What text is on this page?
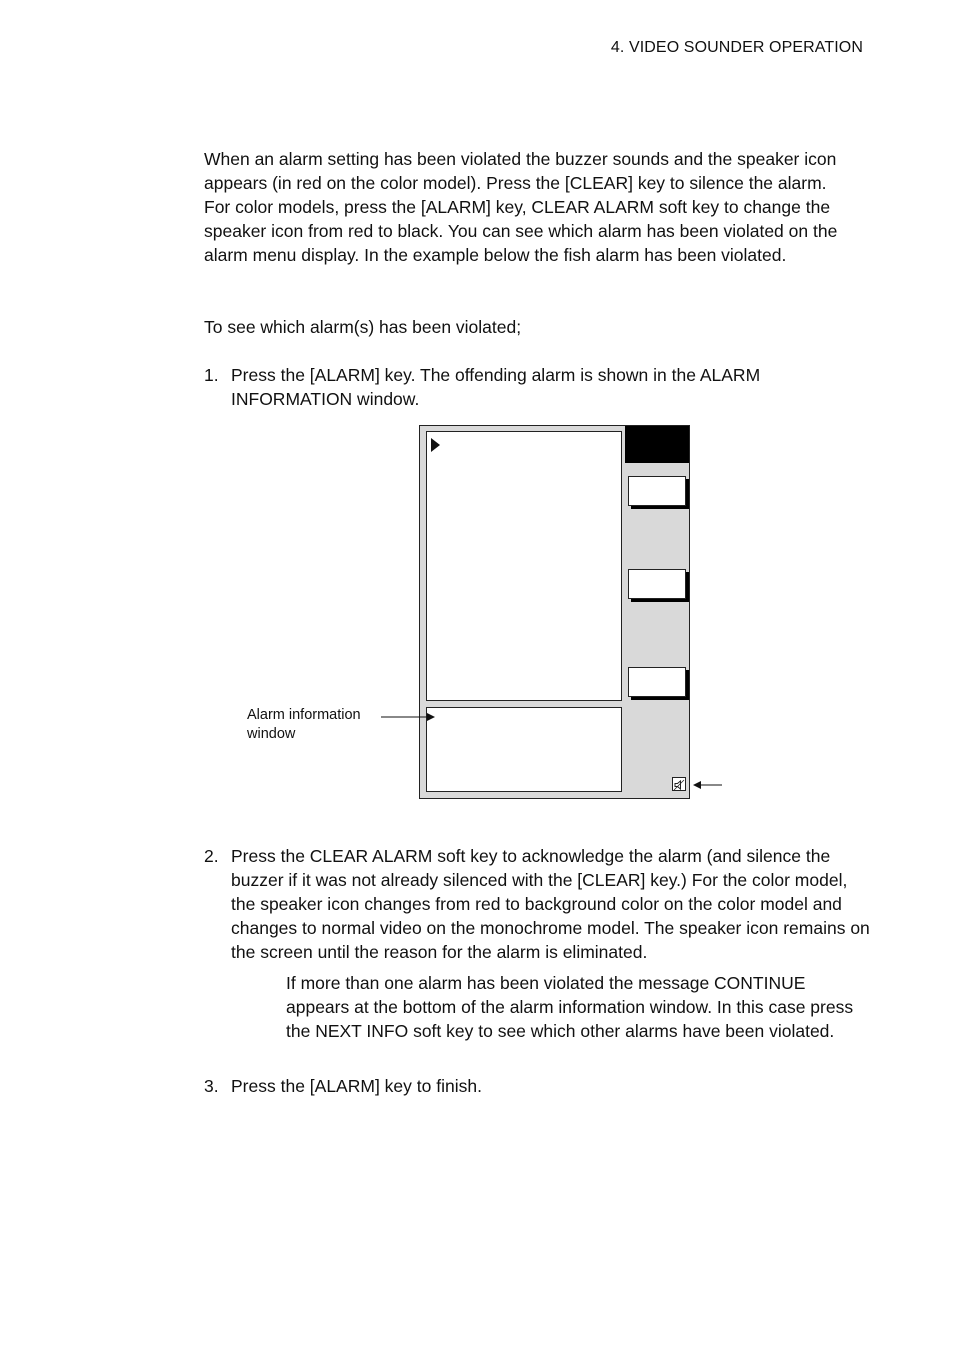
4. VIDEO SOUNDER OPERATION
When an alarm setting has been violated the buzzer sounds and the speaker icon appears (in red on the color model). Press the [CLEAR] key to silence the alarm. For color models, press the [ALARM] key, CLEAR ALARM soft key to change the speaker icon from red to black. You can see which alarm has been violated on the alarm menu display. In the example below the fish alarm has been violated.
To see which alarm(s) has been violated;
1. Press the [ALARM] key. The offending alarm is shown in the ALARM INFORMATION window.
Alarm information
window
2. Press the CLEAR ALARM soft key to acknowledge the alarm (and silence the buzzer if it was not already silenced with the [CLEAR] key.) For the color model, the speaker icon changes from red to background color on the color model and changes to normal video on the monochrome model. The speaker icon remains on the screen until the reason for the alarm is eliminated.
If more than one alarm has been violated the message CONTINUE appears at the bottom of the alarm information window. In this case press the NEXT INFO soft key to see which other alarms have been violated.
3. Press the [ALARM] key to finish.
